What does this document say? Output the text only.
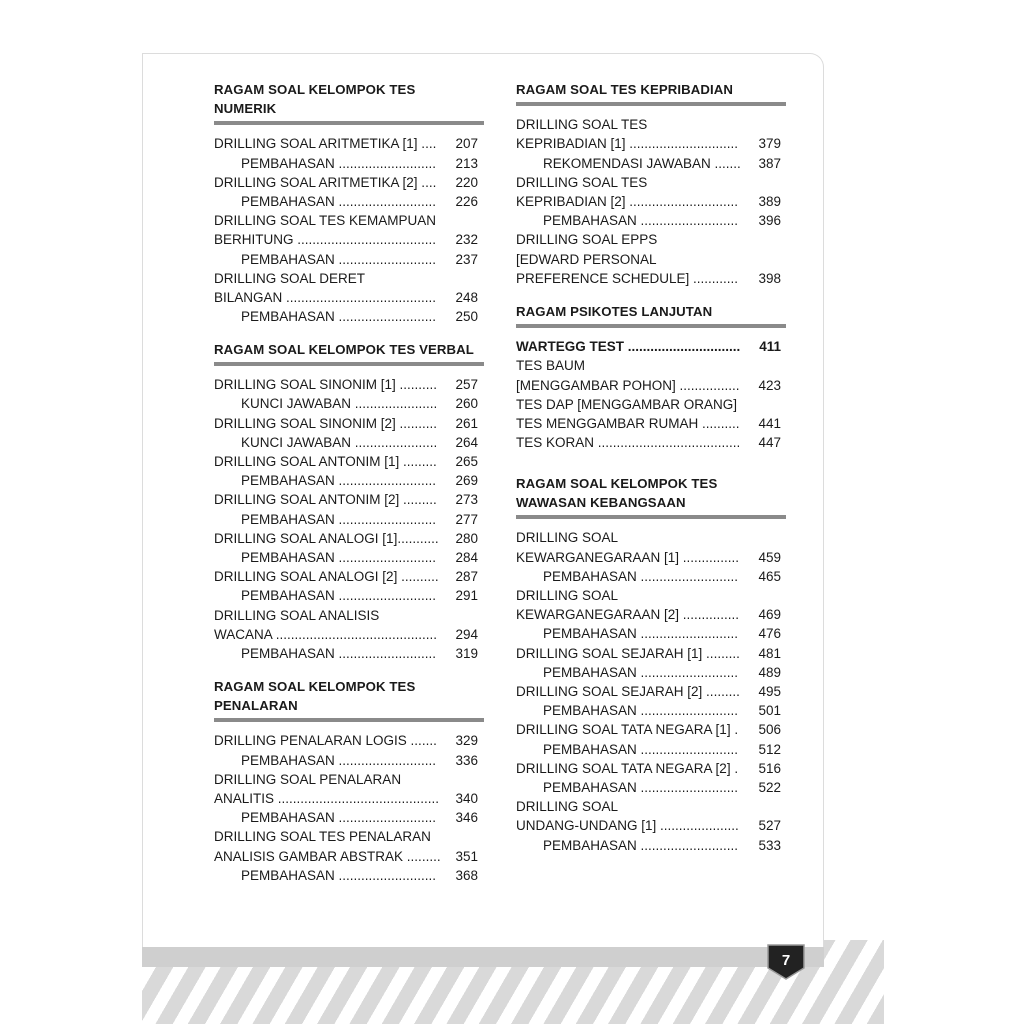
RAGAM SOAL KELOMPOK TES
NUMERIK
DRILLING SOAL ARITMETIKA [1] .... 207
PEMBAHASAN .......................... 213
DRILLING SOAL ARITMETIKA [2] .... 220
PEMBAHASAN .......................... 226
DRILLING SOAL TES KEMAMPUAN
BERHITUNG ..................................... 232
PEMBAHASAN .......................... 237
DRILLING SOAL DERET
BILANGAN ........................................ 248
PEMBAHASAN .......................... 250
RAGAM SOAL KELOMPOK TES VERBAL
DRILLING SOAL SINONIM [1] .......... 257
KUNCI JAWABAN ...................... 260
DRILLING SOAL SINONIM [2] .......... 261
KUNCI JAWABAN ...................... 264
DRILLING SOAL ANTONIM [1] ......... 265
PEMBAHASAN .......................... 269
DRILLING SOAL ANTONIM [2] ......... 273
PEMBAHASAN .......................... 277
DRILLING SOAL ANALOGI [1]........... 280
PEMBAHASAN .......................... 284
DRILLING SOAL ANALOGI [2] .......... 287
PEMBAHASAN .......................... 291
DRILLING SOAL ANALISIS
WACANA ........................................... 294
PEMBAHASAN .......................... 319
RAGAM SOAL KELOMPOK TES
PENALARAN
DRILLING PENALARAN LOGIS ....... 329
PEMBAHASAN .......................... 336
DRILLING SOAL PENALARAN
ANALITIS ........................................... 340
PEMBAHASAN .......................... 346
DRILLING SOAL TES PENALARAN
ANALISIS GAMBAR ABSTRAK ......... 351
PEMBAHASAN .......................... 368
RAGAM SOAL TES KEPRIBADIAN
DRILLING SOAL TES
KEPRIBADIAN [1] ............................. 379
REKOMENDASI JAWABAN ....... 387
DRILLING SOAL TES
KEPRIBADIAN [2] ............................. 389
PEMBAHASAN .......................... 396
DRILLING SOAL EPPS
[EDWARD PERSONAL
PREFERENCE SCHEDULE] ............ 398
RAGAM PSIKOTES LANJUTAN
WARTEGG TEST .............................. 411
TES BAUM
[MENGGAMBAR POHON] ................ 423
TES DAP [MENGGAMBAR ORANG]
TES MENGGAMBAR RUMAH .......... 441
TES KORAN ...................................... 447
RAGAM SOAL KELOMPOK TES
WAWASAN KEBANGSAAN
DRILLING SOAL
KEWARGANEGARAAN [1] ............... 459
PEMBAHASAN .......................... 465
DRILLING SOAL
KEWARGANEGARAAN [2] ............... 469
PEMBAHASAN .......................... 476
DRILLING SOAL SEJARAH [1] ......... 481
PEMBAHASAN .......................... 489
DRILLING SOAL SEJARAH [2] ......... 495
PEMBAHASAN .......................... 501
DRILLING SOAL TATA NEGARA [1] . 506
PEMBAHASAN .......................... 512
DRILLING SOAL TATA NEGARA [2] . 516
PEMBAHASAN .......................... 522
DRILLING SOAL
UNDANG-UNDANG [1] ..................... 527
PEMBAHASAN .......................... 533
7
